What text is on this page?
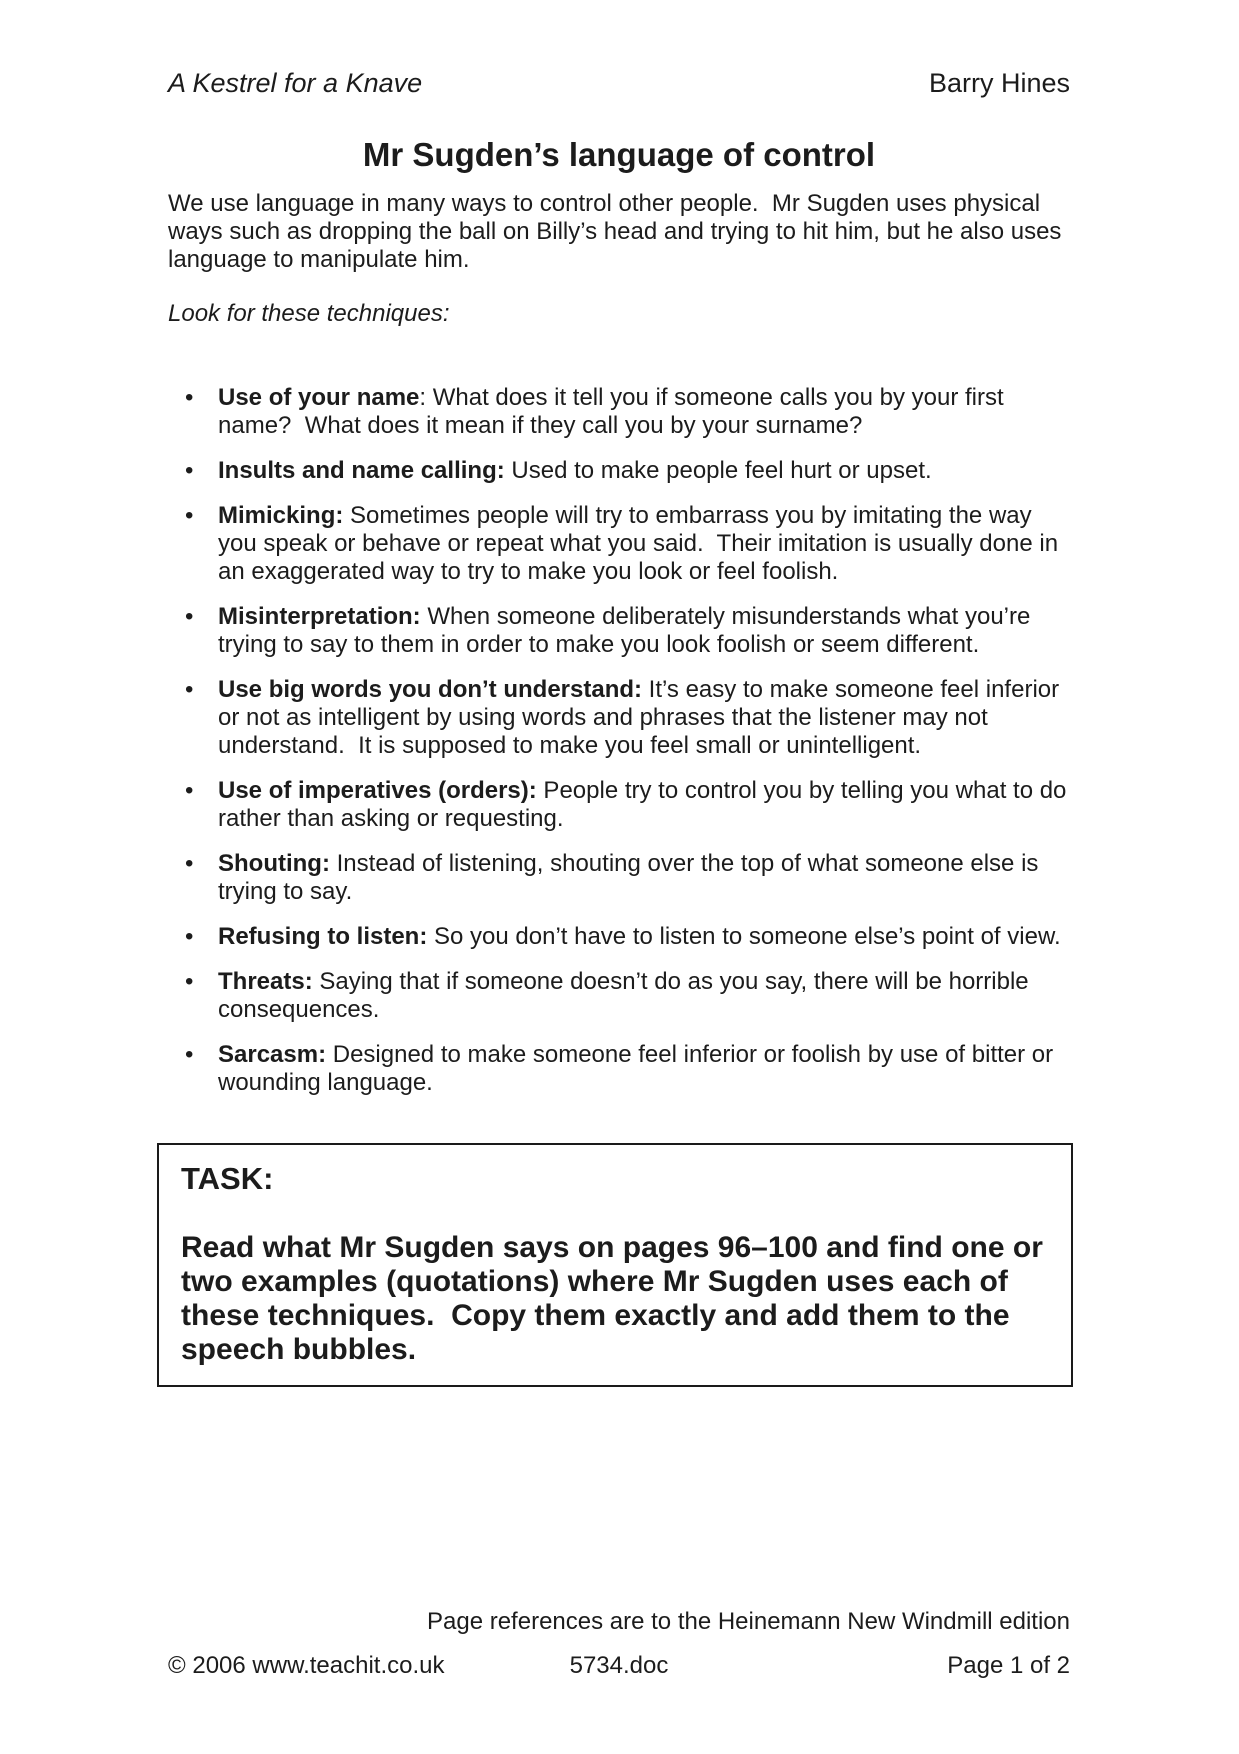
A Kestrel for a Knave	Barry Hines
Mr Sugden’s language of control

We use language in many ways to control other people.  Mr Sugden uses physical ways such as dropping the ball on Billy’s head and trying to hit him, but he also uses language to manipulate him.

Look for these techniques:

• Use of your name: What does it tell you if someone calls you by your first name?  What does it mean if they call you by your surname?
• Insults and name calling: Used to make people feel hurt or upset.
• Mimicking: Sometimes people will try to embarrass you by imitating the way you speak or behave or repeat what you said.  Their imitation is usually done in an exaggerated way to try to make you look or feel foolish.
• Misinterpretation: When someone deliberately misunderstands what you’re trying to say to them in order to make you look foolish or seem different.
• Use big words you don’t understand: It’s easy to make someone feel inferior or not as intelligent by using words and phrases that the listener may not understand.  It is supposed to make you feel small or unintelligent.
• Use of imperatives (orders): People try to control you by telling you what to do rather than asking or requesting.
• Shouting: Instead of listening, shouting over the top of what someone else is trying to say.
• Refusing to listen: So you don’t have to listen to someone else’s point of view.
• Threats: Saying that if someone doesn’t do as you say, there will be horrible consequences.
• Sarcasm: Designed to make someone feel inferior or foolish by use of bitter or wounding language.
TASK:
Read what Mr Sugden says on pages 96–100 and find one or two examples (quotations) where Mr Sugden uses each of these techniques.  Copy them exactly and add them to the speech bubbles.
Page references are to the Heinemann New Windmill edition
© 2006 www.teachit.co.uk	5734.doc	Page 1 of 2
